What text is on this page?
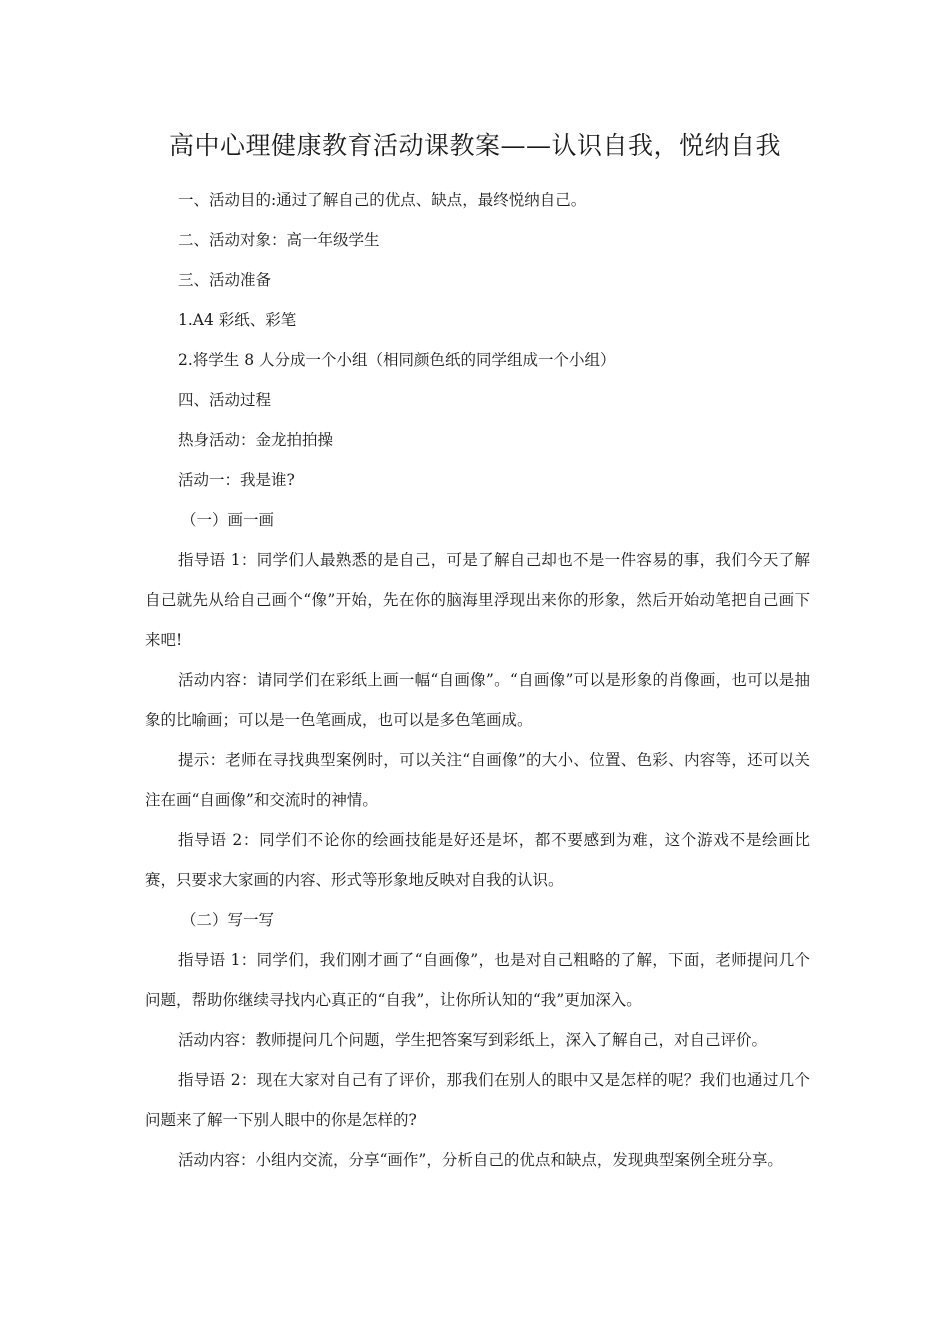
高中心理健康教育活动课教案——认识自我，悦纳自我

一、活动目的:通过了解自己的优点、缺点，最终悦纳自己。

二、活动对象：高一年级学生

三、活动准备

1.A4 彩纸、彩笔

2.将学生 8 人分成一个小组（相同颜色纸的同学组成一个小组）

四、活动过程

热身活动：金龙拍拍操

活动一：我是谁?

（一）画一画

指导语 1：同学们人最熟悉的是自己，可是了解自己却也不是一件容易的事，我们今天了解自己就先从给自己画个“像”开始，先在你的脑海里浮现出来你的形象，然后开始动笔把自己画下来吧!

活动内容：请同学们在彩纸上画一幅“自画像”。“自画像”可以是形象的肖像画，也可以是抽象的比喻画；可以是一色笔画成，也可以是多色笔画成。

提示：老师在寻找典型案例时，可以关注“自画像”的大小、位置、色彩、内容等，还可以关注在画“自画像”和交流时的神情。

指导语 2：同学们不论你的绘画技能是好还是坏，都不要感到为难，这个游戏不是绘画比赛，只要求大家画的内容、形式等形象地反映对自我的认识。

（二）写一写

指导语 1：同学们，我们刚才画了“自画像”，也是对自己粗略的了解，下面，老师提问几个问题，帮助你继续寻找内心真正的“自我”，让你所认知的“我”更加深入。

活动内容：教师提问几个问题，学生把答案写到彩纸上，深入了解自己，对自己评价。

指导语 2：现在大家对自己有了评价，那我们在别人的眼中又是怎样的呢？我们也通过几个问题来了解一下别人眼中的你是怎样的?

活动内容：小组内交流，分享“画作”，分析自己的优点和缺点，发现典型案例全班分享。
